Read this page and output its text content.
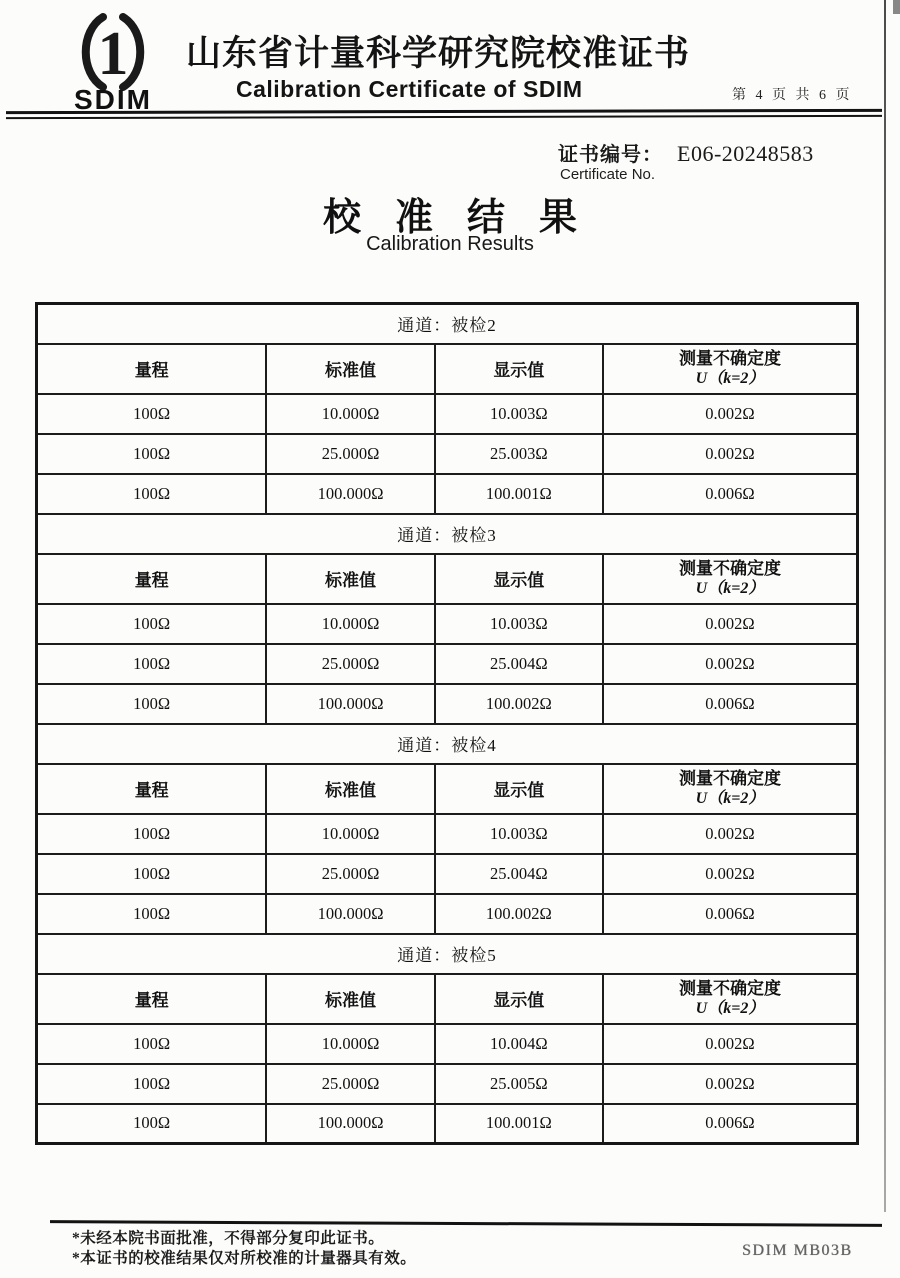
1
SDIM
山东省计量科学研究院校准证书
Calibration Certificate of SDIM	第 4 页 共 6 页
证书编号： E06-20248583
Certificate No.
校准结果
Calibration Results
通道：被检2			
量程	标准值	显示值	测量不确定度
U（k=2）

100Ω	10.000Ω	10.003Ω	0.002Ω
100Ω	25.000Ω	25.003Ω	0.002Ω
100Ω	100.000Ω	100.001Ω	0.006Ω
通道：被检3			
量程	标准值	显示值	测量不确定度
U（k=2）

100Ω	10.000Ω	10.003Ω	0.002Ω
100Ω	25.000Ω	25.004Ω	0.002Ω
100Ω	100.000Ω	100.002Ω	0.006Ω
通道：被检4			
量程	标准值	显示值	测量不确定度
U（k=2）

100Ω	10.000Ω	10.003Ω	0.002Ω
100Ω	25.000Ω	25.004Ω	0.002Ω
100Ω	100.000Ω	100.002Ω	0.006Ω
通道：被检5			
量程	标准值	显示值	测量不确定度
U（k=2）

100Ω	10.000Ω	10.004Ω	0.002Ω
100Ω	25.000Ω	25.005Ω	0.002Ω
100Ω	100.000Ω	100.001Ω	0.006Ω
*未经本院书面批准，不得部分复印此证书。
*本证书的校准结果仅对所校准的计量器具有效。	SDIM MB03B
